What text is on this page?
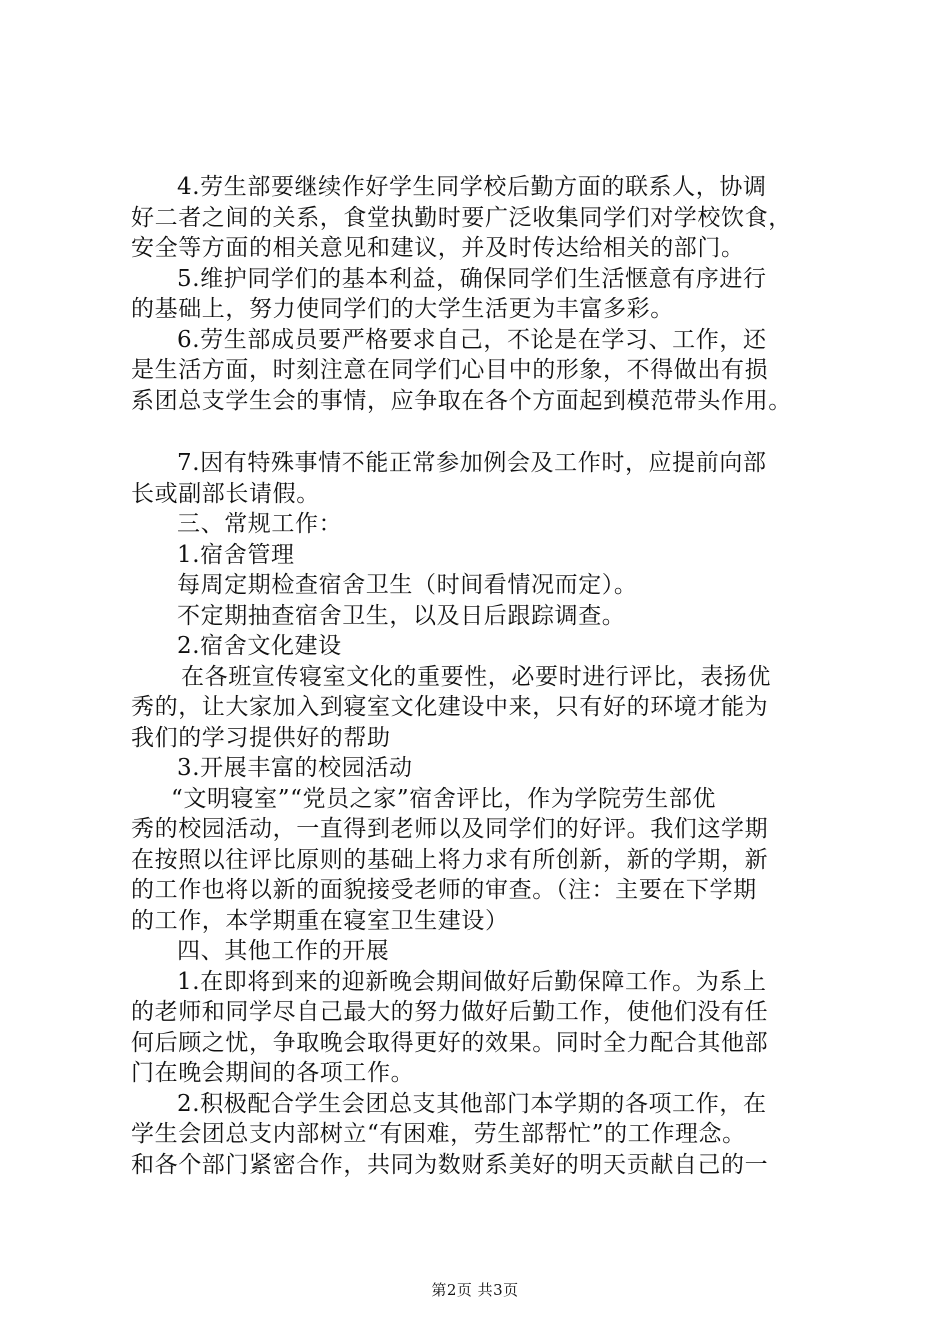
4.劳生部要继续作好学生同学校后勤方面的联系人，协调
好二者之间的关系，食堂执勤时要广泛收集同学们对学校饮食，
安全等方面的相关意见和建议，并及时传达给相关的部门。
5.维护同学们的基本利益，确保同学们生活惬意有序进行
的基础上，努力使同学们的大学生活更为丰富多彩。
6.劳生部成员要严格要求自己，不论是在学习、工作，还
是生活方面，时刻注意在同学们心目中的形象，不得做出有损
系团总支学生会的事情，应争取在各个方面起到模范带头作用。
7.因有特殊事情不能正常参加例会及工作时，应提前向部
长或副部长请假。
三、常规工作：
1.宿舍管理
每周定期检查宿舍卫生（时间看情况而定）。
不定期抽查宿舍卫生，以及日后跟踪调查。
2.宿舍文化建设
在各班宣传寝室文化的重要性，必要时进行评比，表扬优
秀的，让大家加入到寝室文化建设中来，只有好的环境才能为
我们的学习提供好的帮助
3.开展丰富的校园活动
“文明寝室”“党员之家”宿舍评比，作为学院劳生部优
秀的校园活动，一直得到老师以及同学们的好评。我们这学期
在按照以往评比原则的基础上将力求有所创新，新的学期，新
的工作也将以新的面貌接受老师的审查。（注：主要在下学期
的工作，本学期重在寝室卫生建设）
四、其他工作的开展
1.在即将到来的迎新晚会期间做好后勤保障工作。为系上
的老师和同学尽自己最大的努力做好后勤工作，使他们没有任
何后顾之忧，争取晚会取得更好的效果。同时全力配合其他部
门在晚会期间的各项工作。
2.积极配合学生会团总支其他部门本学期的各项工作，在
学生会团总支内部树立“有困难，劳生部帮忙”的工作理念。
和各个部门紧密合作，共同为数财系美好的明天贡献自己的一
第2页 共3页
